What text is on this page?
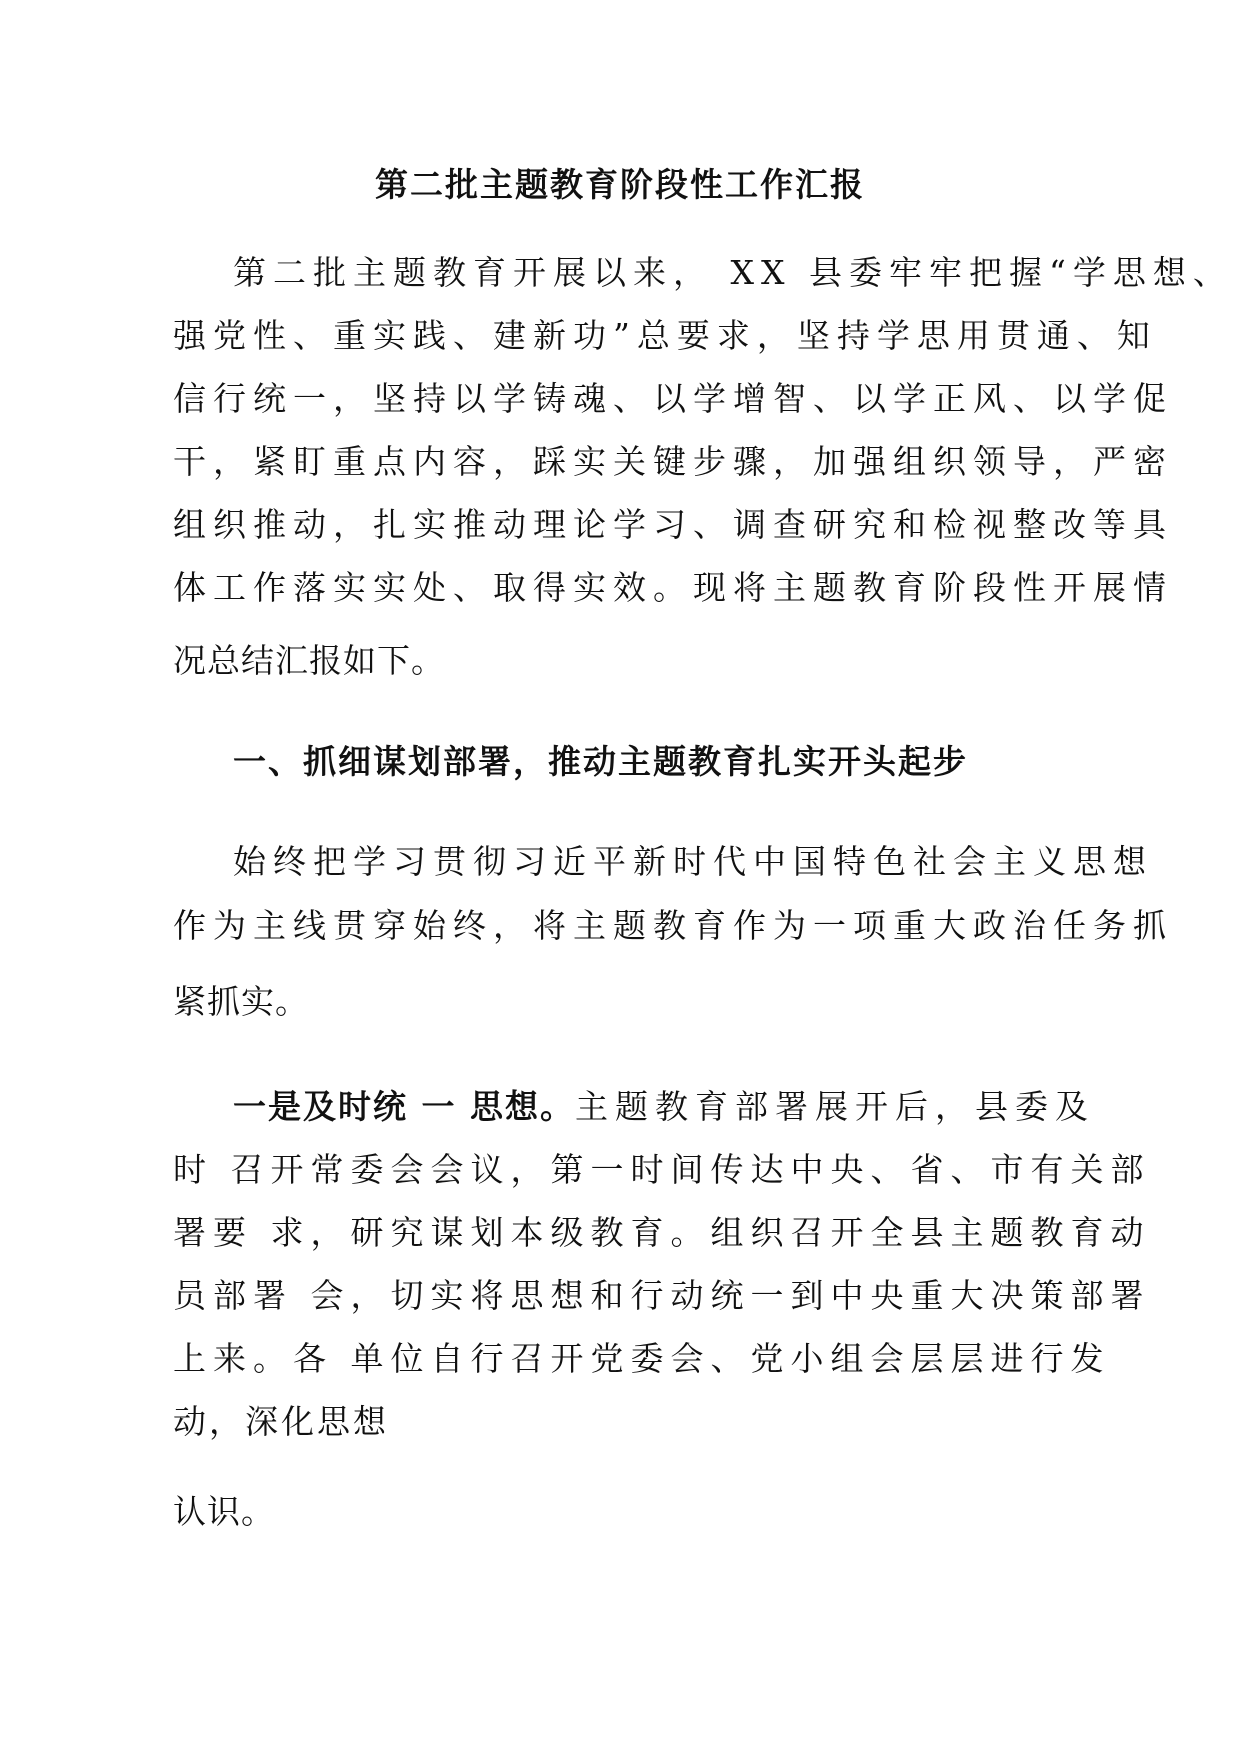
第二批主题教育阶段性工作汇报
第二批主题教育开展以来， XX 县委牢牢把握“学思想、
强党性、重实践、建新功”总要求，坚持学思用贯通、知
信行统一，坚持以学铸魂、以学增智、以学正风、以学促
干，紧盯重点内容，踩实关键步骤，加强组织领导，严密
组织推动，扎实推动理论学习、调查研究和检视整改等具
体工作落实实处、取得实效。现将主题教育阶段性开展情
况总结汇报如下。
一、抓细谋划部署，推动主题教育扎实开头起步
始终把学习贯彻习近平新时代中国特色社会主义思想
作为主线贯穿始终，将主题教育作为一项重大政治任务抓
紧抓实。
一是及时统 一 思想。主题教育部署展开后，县委及
时 召开常委会会议，第一时间传达中央、省、市有关部
署要 求，研究谋划本级教育。组织召开全县主题教育动
员部署 会，切实将思想和行动统一到中央重大决策部署
上来。各 单位自行召开党委会、党小组会层层进行发
动，深化思想
认识。
